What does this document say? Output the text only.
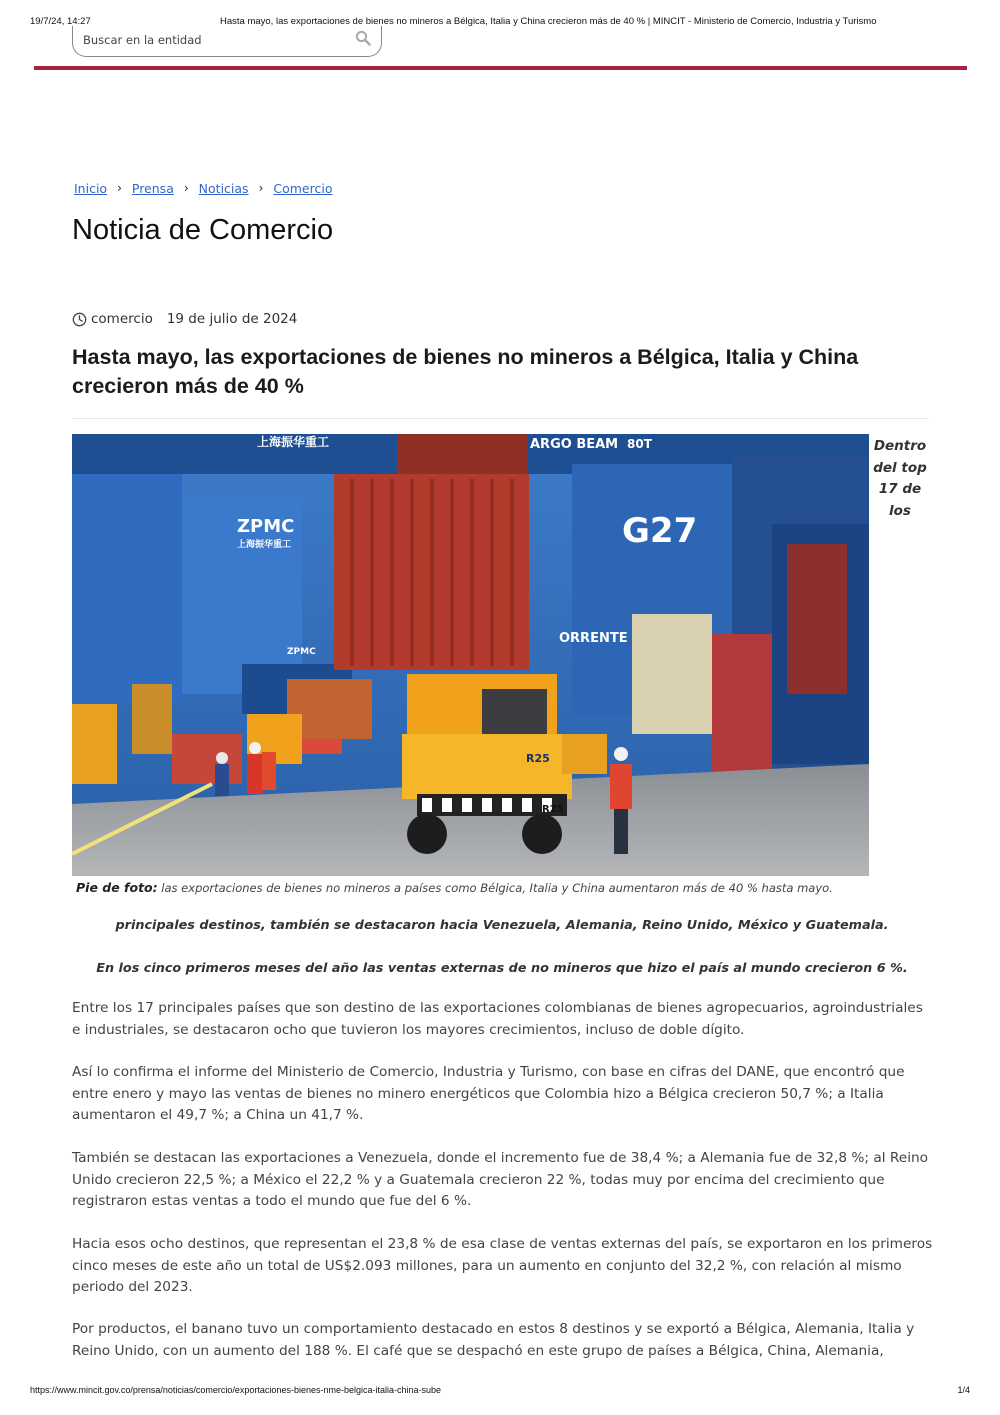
19/7/24, 14:27	Hasta mayo, las exportaciones de bienes no mineros a Bélgica, Italia y China crecieron más de 40 % | MINCIT - Ministerio de Comercio, Industria y Turismo
Buscar en la entidad
Inicio › Prensa › Noticias › Comercio
Noticia de Comercio
comercio 19 de julio de 2024
Hasta mayo, las exportaciones de bienes no mineros a Bélgica, Italia y China crecieron más de 40 %
上海振华重工	ARGO BEAM 80T
ZPMC
上海振华重工	G27
ORRENTE
ZPMC
R25
R25
Dentro del top 17 de los
Pie de foto: las exportaciones de bienes no mineros a países como Bélgica, Italia y China aumentaron más de 40 % hasta mayo.
principales destinos, también se destacaron hacia Venezuela, Alemania, Reino Unido, México y Guatemala.
En los cinco primeros meses del año las ventas externas de no mineros que hizo el país al mundo crecieron 6 %.

Entre los 17 principales países que son destino de las exportaciones colombianas de bienes agropecuarios, agroindustriales e industriales, se destacaron ocho que tuvieron los mayores crecimientos, incluso de doble dígito.

Así lo confirma el informe del Ministerio de Comercio, Industria y Turismo, con base en cifras del DANE, que encontró que entre enero y mayo las ventas de bienes no minero energéticos que Colombia hizo a Bélgica crecieron 50,7 %; a Italia aumentaron el 49,7 %; a China un 41,7 %.

También se destacan las exportaciones a Venezuela, donde el incremento fue de 38,4 %; a Alemania fue de 32,8 %; al Reino Unido crecieron 22,5 %; a México el 22,2 % y a Guatemala crecieron 22 %, todas muy por encima del crecimiento que registraron estas ventas a todo el mundo que fue del 6 %.

Hacia esos ocho destinos, que representan el 23,8 % de esa clase de ventas externas del país, se exportaron en los primeros cinco meses de este año un total de US$2.093 millones, para un aumento en conjunto del 32,2 %, con relación al mismo periodo del 2023.

Por productos, el banano tuvo un comportamiento destacado en estos 8 destinos y se exportó a Bélgica, Alemania, Italia y Reino Unido, con un aumento del 188 %. El café que se despachó en este grupo de países a Bélgica, China, Alemania,

https://www.mincit.gov.co/prensa/noticias/comercio/exportaciones-bienes-nme-belgica-italia-china-sube	1/4
